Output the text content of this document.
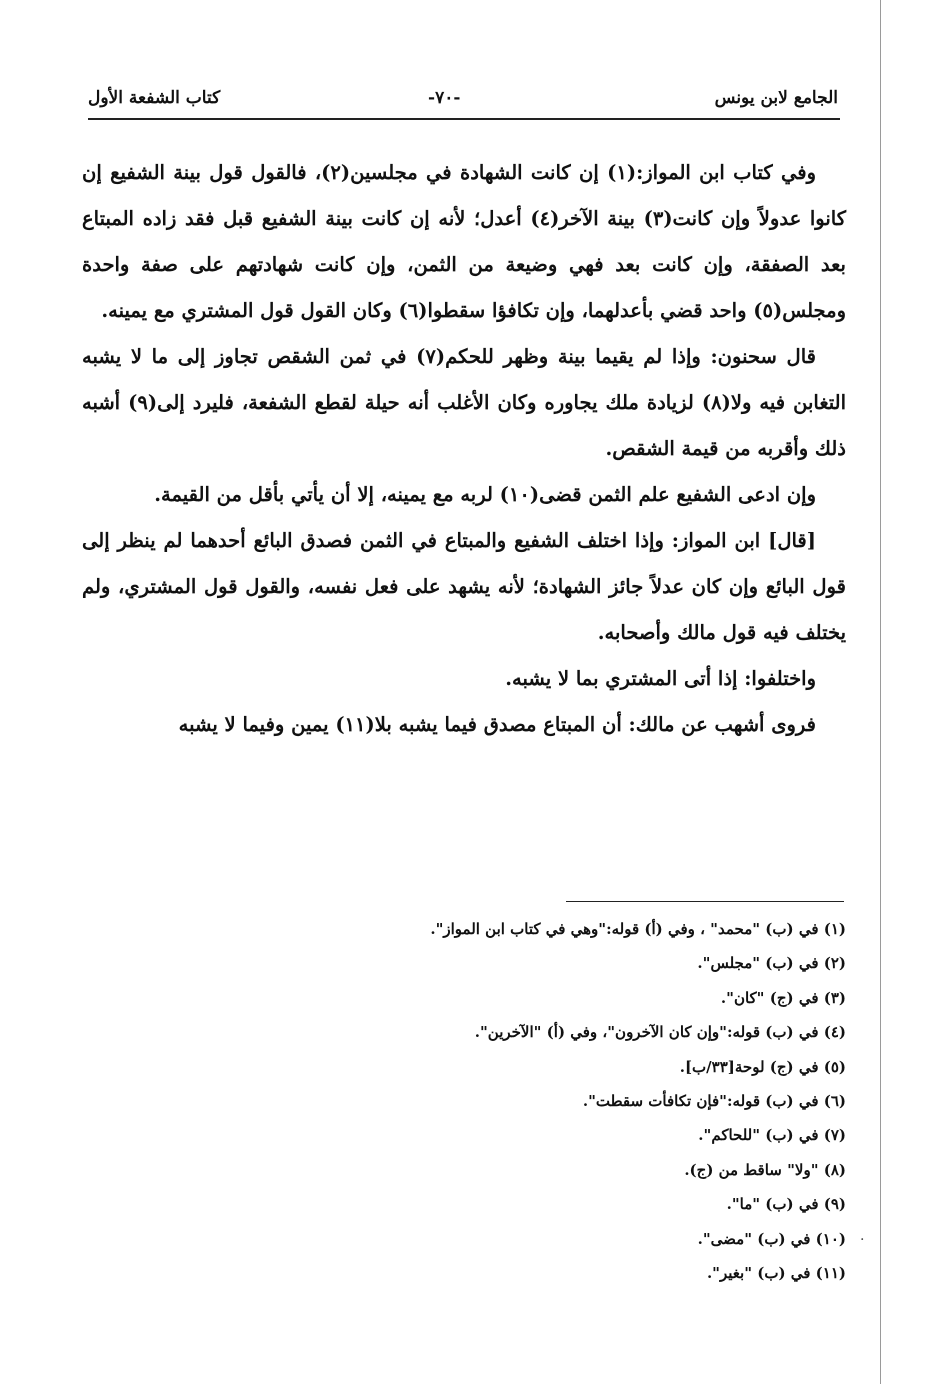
الجامع لابن يونس
-٧٠-
كتاب الشفعة الأول

وفي كتاب ابن المواز:(١) إن كانت الشهادة في مجلسين(٢)، فالقول قول بينة الشفيع إن كانوا عدولاً وإن كانت(٣) بينة الآخر(٤) أعدل؛ لأنه إن كانت بينة الشفيع قبل فقد زاده المبتاع بعد الصفقة، وإن كانت بعد فهي وضيعة من الثمن، وإن كانت شهادتهم على صفة واحدة ومجلس(٥) واحد قضي بأعدلهما، وإن تكافؤا سقطوا(٦) وكان القول قول المشتري مع يمينه.

قال سحنون: وإذا لم يقيما بينة وظهر للحكم(٧) في ثمن الشقص تجاوز إلى ما لا يشبه التغابن فيه ولا(٨) لزيادة ملك يجاوره وكان الأغلب أنه حيلة لقطع الشفعة، فليرد إلى(٩) أشبه ذلك وأقربه من قيمة الشقص.

وإن ادعى الشفيع علم الثمن قضى(١٠) لربه مع يمينه، إلا أن يأتي بأقل من القيمة.

[قال] ابن المواز: وإذا اختلف الشفيع والمبتاع في الثمن فصدق البائع أحدهما لم ينظر إلى قول البائع وإن كان عدلاً جائز الشهادة؛ لأنه يشهد على فعل نفسه، والقول قول المشتري، ولم يختلف فيه قول مالك وأصحابه.

واختلفوا: إذا أتى المشتري بما لا يشبه.

فروى أشهب عن مالك: أن المبتاع مصدق فيما يشبه بلا(١١) يمين وفيما لا يشبه

(١) في (ب) "محمد" ، وفي (أ) قوله:"وهي في كتاب ابن المواز".
(٢) في (ب) "مجلس".
(٣) في (ج) "كان".
(٤) في (ب) قوله:"وإن كان الآخرون"، وفي (أ) "الآخرين".
(٥) في (ج) لوحة[٣٣/ب].
(٦) في (ب) قوله:"فإن تكافأت سقطت".
(٧) في (ب) "للحاكم".
(٨) "ولا" ساقط من (ج).
(٩) في (ب) "ما".
(١٠) في (ب) "مضى".
(١١) في (ب) "بغير".
.
